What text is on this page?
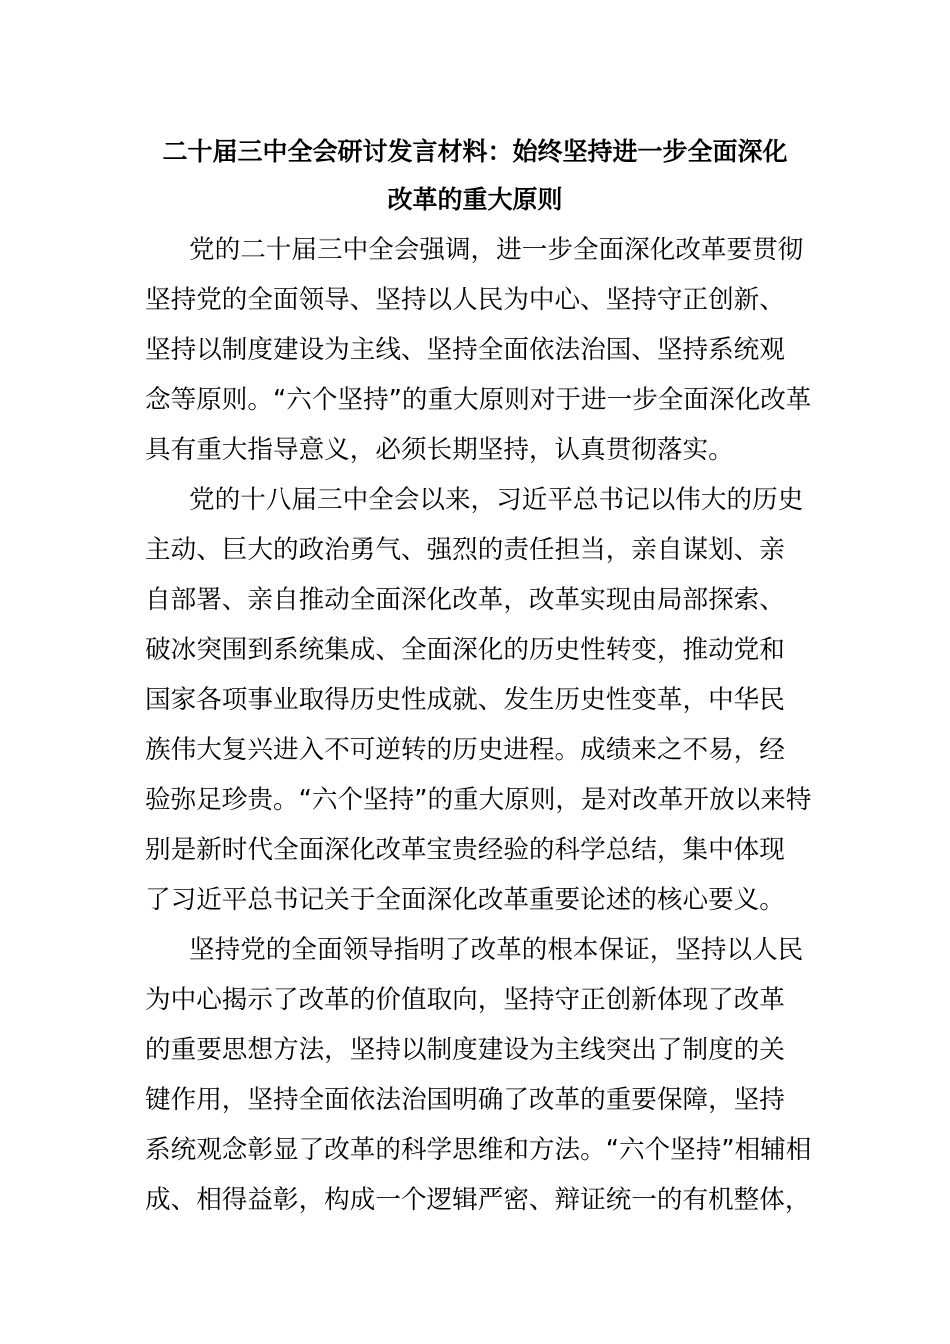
二十届三中全会研讨发言材料：始终坚持进一步全面深化
改革的重大原则
党的二十届三中全会强调，进一步全面深化改革要贯彻
坚持党的全面领导、坚持以人民为中心、坚持守正创新、
坚持以制度建设为主线、坚持全面依法治国、坚持系统观
念等原则。“六个坚持”的重大原则对于进一步全面深化改革
具有重大指导意义，必须长期坚持，认真贯彻落实。
党的十八届三中全会以来，习近平总书记以伟大的历史
主动、巨大的政治勇气、强烈的责任担当，亲自谋划、亲
自部署、亲自推动全面深化改革，改革实现由局部探索、
破冰突围到系统集成、全面深化的历史性转变，推动党和
国家各项事业取得历史性成就、发生历史性变革，中华民
族伟大复兴进入不可逆转的历史进程。成绩来之不易，经
验弥足珍贵。“六个坚持”的重大原则，是对改革开放以来特
别是新时代全面深化改革宝贵经验的科学总结，集中体现
了习近平总书记关于全面深化改革重要论述的核心要义。
坚持党的全面领导指明了改革的根本保证，坚持以人民
为中心揭示了改革的价值取向，坚持守正创新体现了改革
的重要思想方法，坚持以制度建设为主线突出了制度的关
键作用，坚持全面依法治国明确了改革的重要保障，坚持
系统观念彰显了改革的科学思维和方法。“六个坚持”相辅相
成、相得益彰，构成一个逻辑严密、辩证统一的有机整体，
